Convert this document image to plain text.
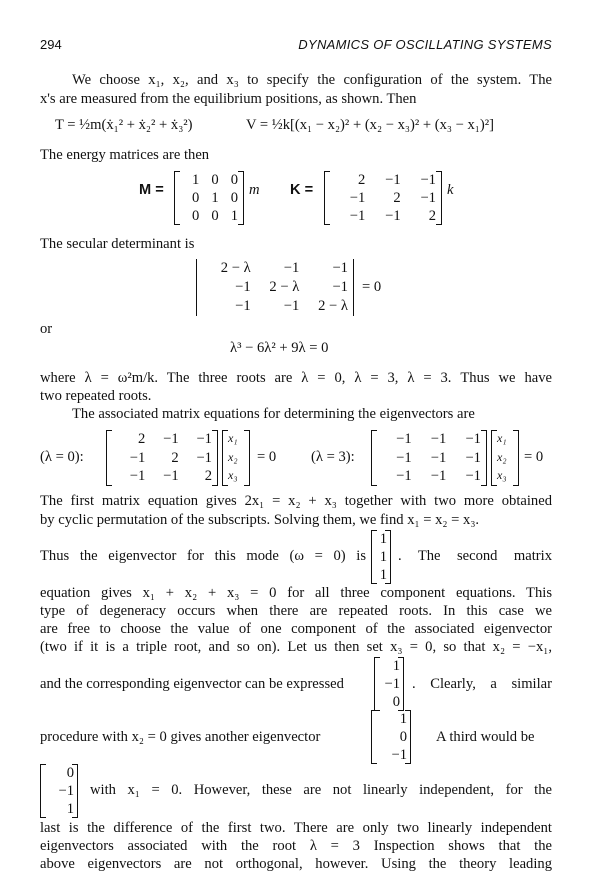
294	DYNAMICS OF OSCILLATING SYSTEMS
We choose x₁, x₂, and x₃ to specify the configuration of the system. The
x's are measured from the equilibrium positions, as shown. Then
T = ½m(ẋ₁² + ẋ₂² + ẋ₃²)	V = ½k[(x₁ − x₂)² + (x₂ − x₃)² + (x₃ − x₁)²]
The energy matrices are then
M =
1 0 0
0 1 0
0 0 1
m K =
2	−1	−1
−1	2	−1
−1	−1	2
k
The secular determinant is
2 − λ	−1	−1
−1	2 − λ	−1
−1	−1	2 − λ
= 0
or
λ³ − 6λ² + 9λ = 0
where λ = ω²m/k. The three roots are λ = 0, λ = 3, λ = 3. Thus we have
two repeated roots.
The associated matrix equations for determining the eigenvectors are
(λ = 0):
2	−1	−1
−1	2	−1
−1	−1	2
x₁
x₂
x₃
= 0 (λ = 3):
−1	−1	−1
−1	−1	−1
−1	−1	−1
x₁
x₂
x₃
= 0
The first matrix equation gives 2x₁ = x₂ + x₃ together with two more obtained
by cyclic permutation of the subscripts. Solving them, we find x₁ = x₂ = x₃.
Thus the eigenvector for this mode (ω = 0) is
1
1
1
. The second matrix
equation gives x₁ + x₂ + x₃ = 0 for all three component equations. This
type of degeneracy occurs when there are repeated roots. In this case we
are free to choose the value of one component of the associated eigenvector
(two if it is a triple root, and so on). Let us then set x₃ = 0, so that x₂ = −x₁,
and the corresponding eigenvector can be expressed
1
−1
0
. Clearly, a similar
procedure with x₂ = 0 gives another eigenvector
1
0
−1
A third would be
0
−1
1
with x₁ = 0. However, these are not linearly independent, for the
last is the difference of the first two. There are only two linearly independent
eigenvectors associated with the root λ = 3 Inspection shows that the
above eigenvectors are not orthogonal, however. Using the theory leading
